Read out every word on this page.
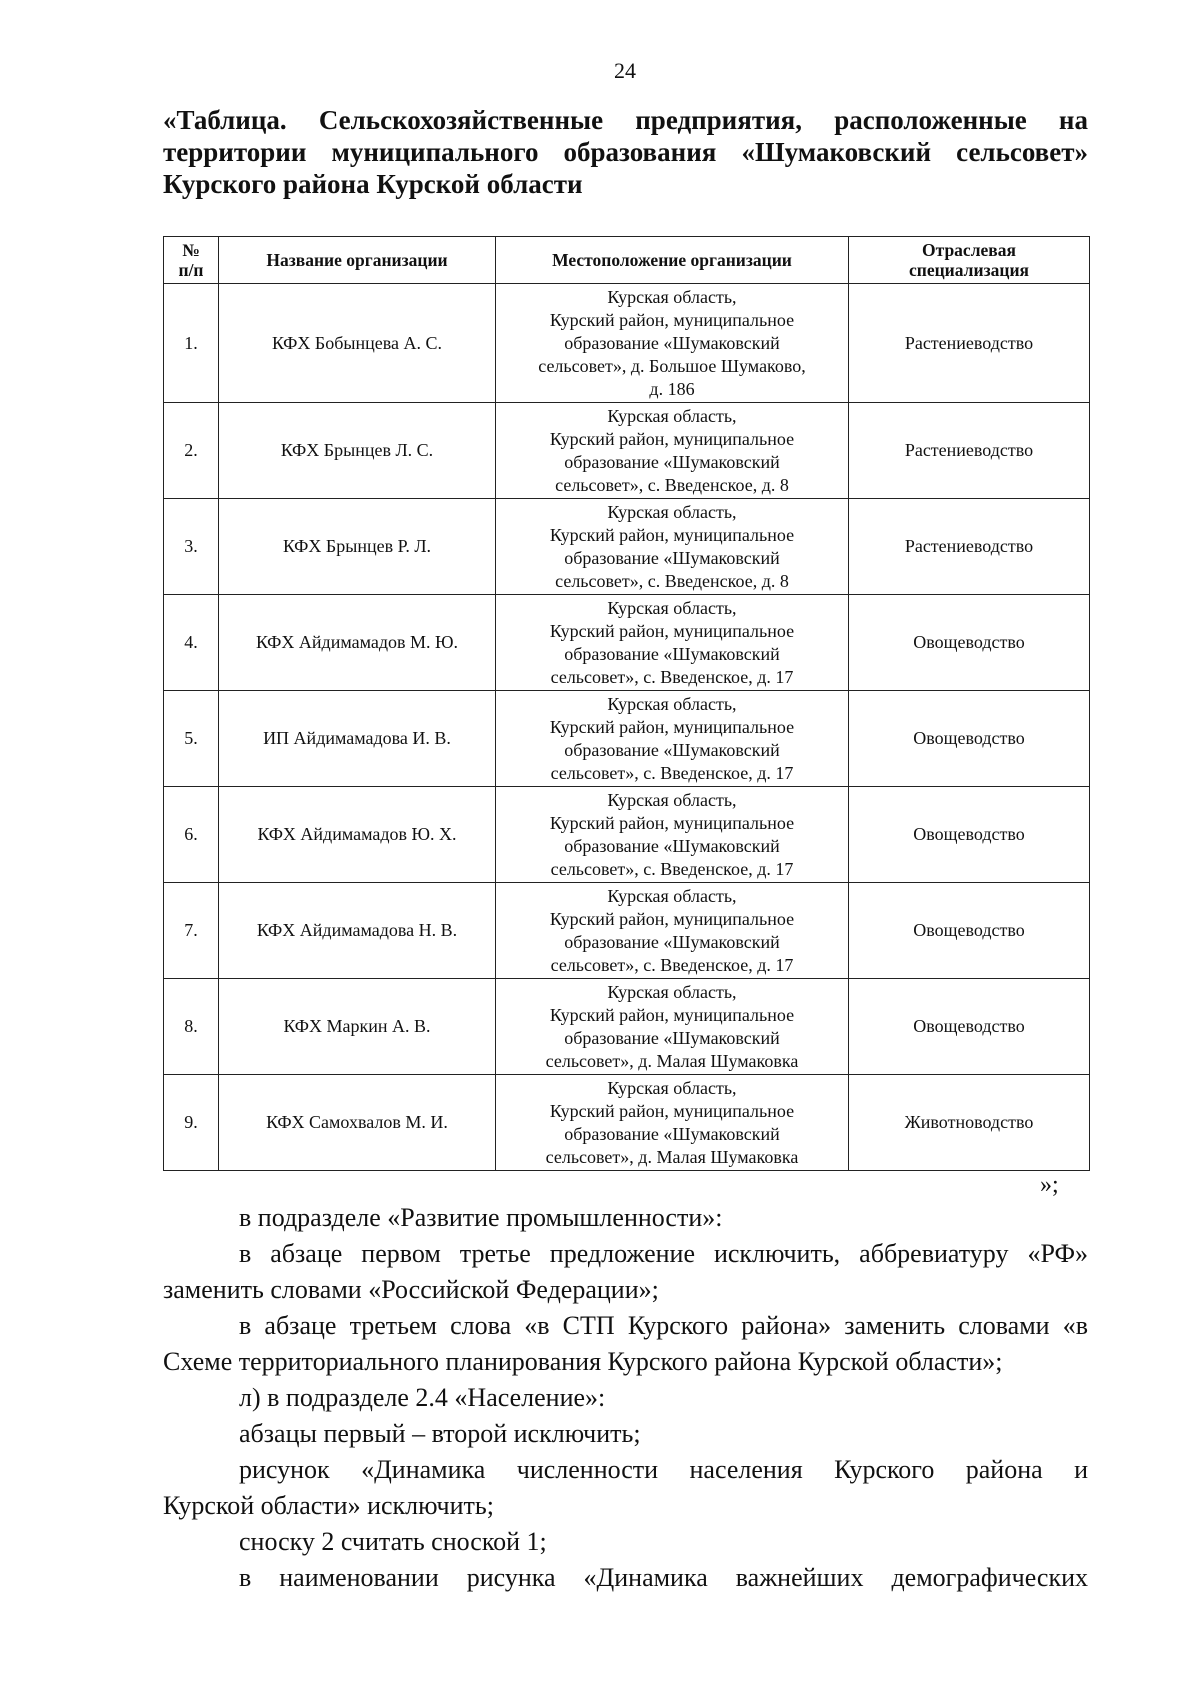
24
«Таблица. Сельскохозяйственные предприятия, расположенные на
территории муниципального образования «Шумаковский сельсовет»
Курского района Курской области
№
п/п	Название организации	Местоположение организации	Отраслевая
специализация

1.	КФХ Бобынцева А. С.	Курская область,
Курский район, муниципальное
образование «Шумаковский
сельсовет», д. Большое Шумаково,
д. 186	Растениеводство
2.	КФХ Брынцев Л. С.	Курская область,
Курский район, муниципальное
образование «Шумаковский
сельсовет», с. Введенское, д. 8	Растениеводство
3.	КФХ Брынцев Р. Л.	Курская область,
Курский район, муниципальное
образование «Шумаковский
сельсовет», с. Введенское, д. 8	Растениеводство
4.	КФХ Айдимамадов М. Ю.	Курская область,
Курский район, муниципальное
образование «Шумаковский
сельсовет», с. Введенское, д. 17	Овощеводство
5.	ИП Айдимамадова И. В.	Курская область,
Курский район, муниципальное
образование «Шумаковский
сельсовет», с. Введенское, д. 17	Овощеводство
6.	КФХ Айдимамадов Ю. Х.	Курская область,
Курский район, муниципальное
образование «Шумаковский
сельсовет», с. Введенское, д. 17	Овощеводство
7.	КФХ Айдимамадова Н. В.	Курская область,
Курский район, муниципальное
образование «Шумаковский
сельсовет», с. Введенское, д. 17	Овощеводство
8.	КФХ Маркин А. В.	Курская область,
Курский район, муниципальное
образование «Шумаковский
сельсовет», д. Малая Шумаковка	Овощеводство
9.	КФХ Самохвалов М. И.	Курская область,
Курский район, муниципальное
образование «Шумаковский
сельсовет», д. Малая Шумаковка	Животноводство
»;

в подразделе «Развитие промышленности»:

в абзаце первом третье предложение исключить, аббревиатуру «РФ»
заменить словами «Российской Федерации»;

в абзаце третьем слова «в СТП Курского района» заменить словами «в
Схеме территориального планирования Курского района Курской области»;

л) в подразделе 2.4 «Население»:

абзацы первый – второй исключить;

рисунок «Динамика численности населения Курского района и
Курской области» исключить;

сноску 2 считать сноской 1;

в наименовании рисунка «Динамика важнейших демографических
